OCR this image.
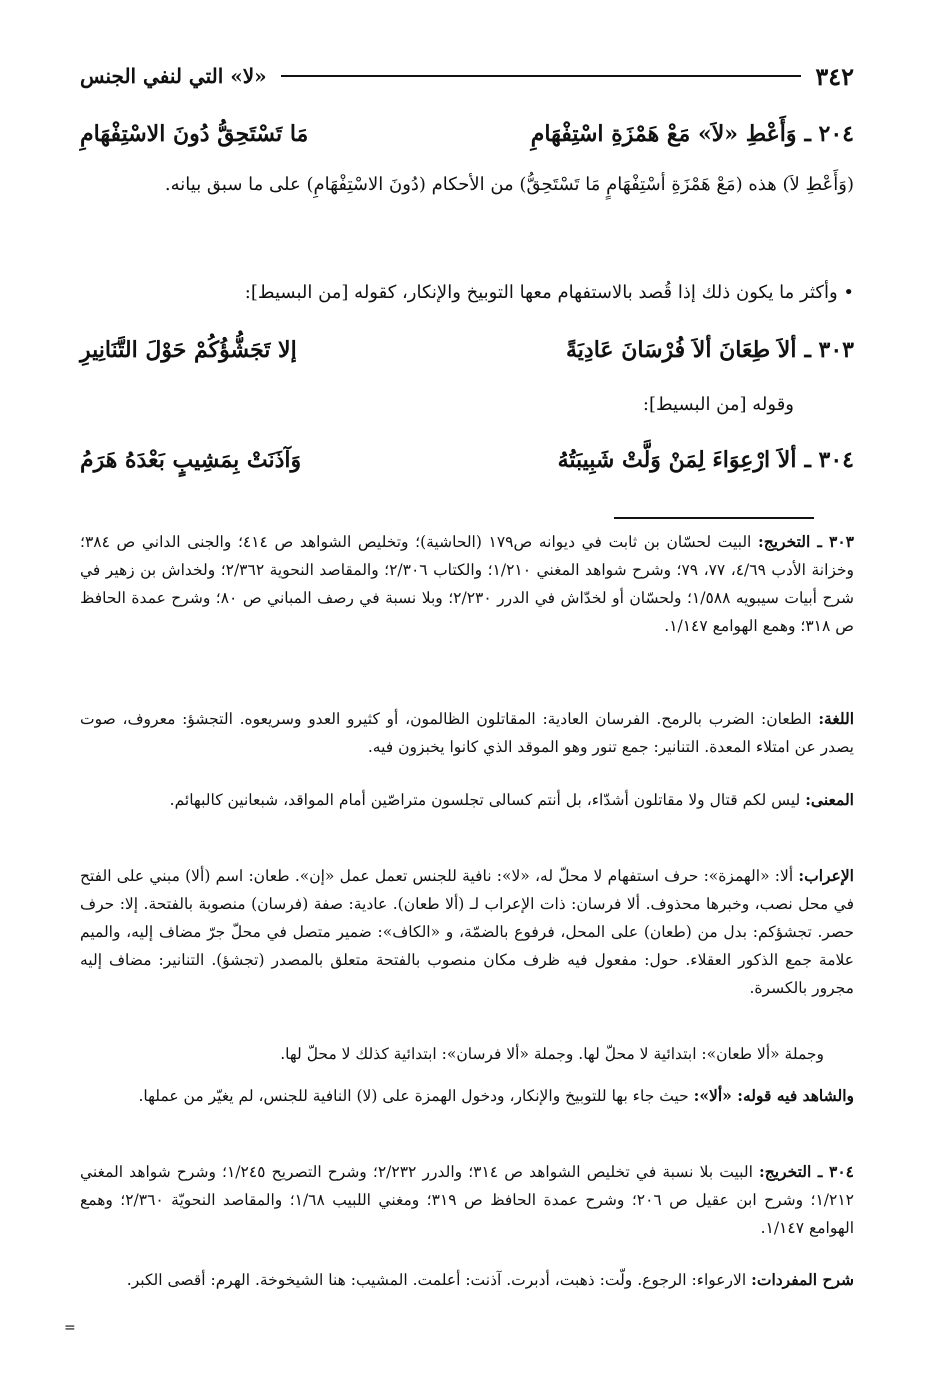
٣٤٢
«لا» التي لنفي الجنس
٢٠٤ ـ
وَأَعْطِ «لاَ» مَعْ هَمْزَةِ اسْتِفْهَامِ
مَا تَسْتَحِقُّ دُونَ الاسْتِفْهَامِ

(وَأَعْطِ لاَ) هذه (مَعْ هَمْزَةِ أسْتِفْهَامٍ مَا تَسْتَحِقُّ) من الأحكام (دُونَ الاسْتِفْهَامِ) على ما سبق بيانه.

• وأكثر ما يكون ذلك إذا قُصد بالاستفهام معها التوبيخ والإنكار، كقوله [من البسيط]:

٣٠٣ ـ
ألاَ طِعَانَ ألاَ فُرْسَانَ عَادِيَةً
إلا تَجَشُّؤُكُمْ حَوْلَ التَّنَانِيرِ

وقوله [من البسيط]:

٣٠٤ ـ
ألاَ ارْعِوَاءَ لِمَنْ وَلَّتْ شَبِيبَتُهُ
وَآذَنَتْ بِمَشِيبٍ بَعْدَهُ هَرَمُ

٣٠٣ ـ التخريج: البيت لحسّان بن ثابت في ديوانه ص١٧٩ (الحاشية)؛ وتخليص الشواهد ص ٤١٤؛ والجنى الداني ص ٣٨٤؛ وخزانة الأدب ٤/٦٩، ٧٧، ٧٩؛ وشرح شواهد المغني ١/٢١٠؛ والكتاب ٢/٣٠٦؛ والمقاصد النحوية ٢/٣٦٢؛ ولخداش بن زهير في شرح أبيات سيبويه ١/٥٨٨؛ ولحسّان أو لخدّاش في الدرر ٢/٢٣٠؛ وبلا نسبة في رصف المباني ص ٨٠؛ وشرح عمدة الحافظ ص ٣١٨؛ وهمع الهوامع ١/١٤٧.

اللغة: الطعان: الضرب بالرمح. الفرسان العادية: المقاتلون الظالمون، أو كثيرو العدو وسريعوه. التجشؤ: معروف، صوت يصدر عن امتلاء المعدة. التنانير: جمع تنور وهو الموقد الذي كانوا يخبزون فيه.

المعنى: ليس لكم قتال ولا مقاتلون أشدّاء، بل أنتم كسالى تجلسون متراصّين أمام المواقد، شبعانين كالبهائم.

الإعراب: ألا: «الهمزة»: حرف استفهام لا محلّ له، «لا»: نافية للجنس تعمل عمل «إن». طعان: اسم (ألا) مبني على الفتح في محل نصب، وخبرها محذوف. ألا فرسان: ذات الإعراب لـ (ألا طعان). عادية: صفة (فرسان) منصوبة بالفتحة. إلا: حرف حصر. تجشؤكم: بدل من (طعان) على المحل، فرفوع بالضمّة، و «الكاف»: ضمير متصل في محلّ جرّ مضاف إليه، والميم علامة جمع الذكور العقلاء. حول: مفعول فيه ظرف مكان منصوب بالفتحة متعلق بالمصدر (تجشؤ). التنانير: مضاف إليه مجرور بالكسرة.

وجملة «ألا طعان»: ابتدائية لا محلّ لها. وجملة «ألا فرسان»: ابتدائية كذلك لا محلّ لها.

والشاهد فيه قوله: «ألا»: حيث جاء بها للتوبيخ والإنكار، ودخول الهمزة على (لا) النافية للجنس، لم يغيّر من عملها.

٣٠٤ ـ التخريج: البيت بلا نسبة في تخليص الشواهد ص ٣١٤؛ والدرر ٢/٢٣٢؛ وشرح التصريح ١/٢٤٥؛ وشرح شواهد المغني ١/٢١٢؛ وشرح ابن عقيل ص ٢٠٦؛ وشرح عمدة الحافظ ص ٣١٩؛ ومغني اللبيب ١/٦٨؛ والمقاصد النحويّة ٢/٣٦٠؛ وهمع الهوامع ١/١٤٧.

شرح المفردات: الارعواء: الرجوع. ولّت: ذهبت، أدبرت. آذنت: أعلمت. المشيب: هنا الشيخوخة. الهرم: أقصى الكبر.

=
